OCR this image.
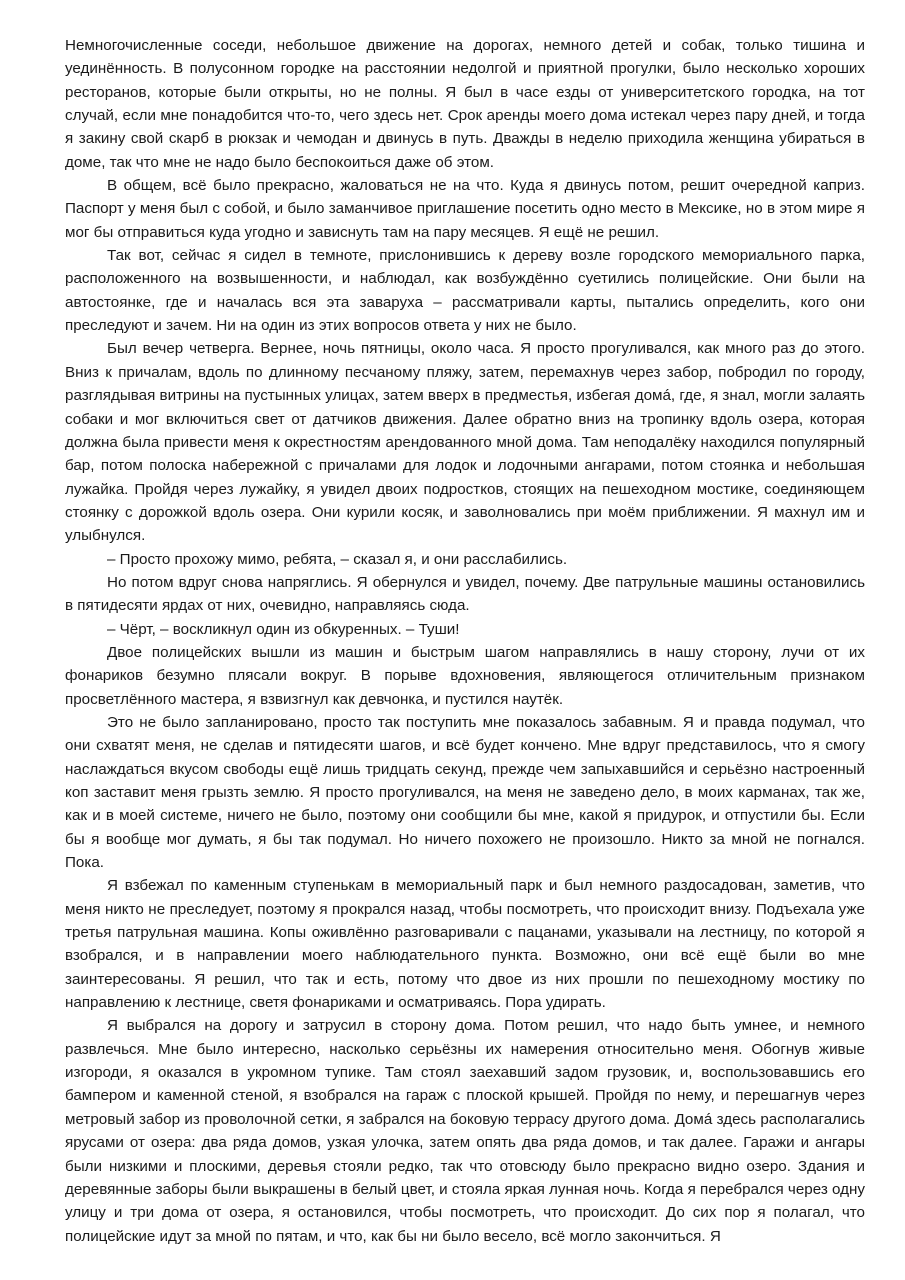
Немногочисленные соседи, небольшое движение на дорогах, немного детей и собак, только тишина и уединённость. В полусонном городке на расстоянии недолгой и приятной прогулки, было несколько хороших ресторанов, которые были открыты, но не полны. Я был в часе езды от университетского городка, на тот случай, если мне понадобится что-то, чего здесь нет. Срок аренды моего дома истекал через пару дней, и тогда я закину свой скарб в рюкзак и чемодан и двинусь в путь. Дважды в неделю приходила женщина убираться в доме, так что мне не надо было беспокоиться даже об этом.

В общем, всё было прекрасно, жаловаться не на что. Куда я двинусь потом, решит очередной каприз. Паспорт у меня был с собой, и было заманчивое приглашение посетить одно место в Мексике, но в этом мире я мог бы отправиться куда угодно и зависнуть там на пару месяцев. Я ещё не решил.

Так вот, сейчас я сидел в темноте, прислонившись к дереву возле городского мемориального парка, расположенного на возвышенности, и наблюдал, как возбуждённо суетились полицейские. Они были на автостоянке, где и началась вся эта заваруха – рассматривали карты, пытались определить, кого они преследуют и зачем. Ни на один из этих вопросов ответа у них не было.

Был вечер четверга. Вернее, ночь пятницы, около часа. Я просто прогуливался, как много раз до этого. Вниз к причалам, вдоль по длинному песчаному пляжу, затем, перемахнув через забор, побродил по городу, разглядывая витрины на пустынных улицах, затем вверх в предместья, избегая домá, где, я знал, могли залаять собаки и мог включиться свет от датчиков движения. Далее обратно вниз на тропинку вдоль озера, которая должна была привести меня к окрестностям арендованного мной дома. Там неподалёку находился популярный бар, потом полоска набережной с причалами для лодок и лодочными ангарами, потом стоянка и небольшая лужайка. Пройдя через лужайку, я увидел двоих подростков, стоящих на пешеходном мостике, соединяющем стоянку с дорожкой вдоль озера. Они курили косяк, и заволновались при моём приближении. Я махнул им и улыбнулся.

– Просто прохожу мимо, ребята, – сказал я, и они расслабились.

Но потом вдруг снова напряглись. Я обернулся и увидел, почему. Две патрульные машины остановились в пятидесяти ярдах от них, очевидно, направляясь сюда.

– Чёрт, – воскликнул один из обкуренных. – Туши!

Двое полицейских вышли из машин и быстрым шагом направлялись в нашу сторону, лучи от их фонариков безумно плясали вокруг. В порыве вдохновения, являющегося отличительным признаком просветлённого мастера, я взвизгнул как девчонка, и пустился наутёк.

Это не было запланировано, просто так поступить мне показалось забавным. Я и правда подумал, что они схватят меня, не сделав и пятидесяти шагов, и всё будет кончено. Мне вдруг представилось, что я смогу наслаждаться вкусом свободы ещё лишь тридцать секунд, прежде чем запыхавшийся и серьёзно настроенный коп заставит меня грызть землю. Я просто прогуливался, на меня не заведено дело, в моих карманах, так же, как и в моей системе, ничего не было, поэтому они сообщили бы мне, какой я придурок, и отпустили бы. Если бы я вообще мог думать, я бы так подумал. Но ничего похожего не произошло. Никто за мной не погнался. Пока.

Я взбежал по каменным ступенькам в мемориальный парк и был немного раздосадован, заметив, что меня никто не преследует, поэтому я прокрался назад, чтобы посмотреть, что происходит внизу. Подъехала уже третья патрульная машина. Копы оживлённо разговаривали с пацанами, указывали на лестницу, по которой я взобрался, и в направлении моего наблюдательного пункта. Возможно, они всё ещё были во мне заинтересованы. Я решил, что так и есть, потому что двое из них прошли по пешеходному мостику по направлению к лестнице, светя фонариками и осматриваясь. Пора удирать.

Я выбрался на дорогу и затрусил в сторону дома. Потом решил, что надо быть умнее, и немного развлечься. Мне было интересно, насколько серьёзны их намерения относительно меня. Обогнув живые изгороди, я оказался в укромном тупике. Там стоял заехавший задом грузовик, и, воспользовавшись его бампером и каменной стеной, я взобрался на гараж с плоской крышей. Пройдя по нему, и перешагнув через метровый забор из проволочной сетки, я забрался на боковую террасу другого дома. Домá здесь располагались ярусами от озера: два ряда домов, узкая улочка, затем опять два ряда домов, и так далее. Гаражи и ангары были низкими и плоскими, деревья стояли редко, так что отовсюду было прекрасно видно озеро. Здания и деревянные заборы были выкрашены в белый цвет, и стояла яркая лунная ночь. Когда я перебрался через одну улицу и три дома от озера, я остановился, чтобы посмотреть, что происходит. До сих пор я полагал, что полицейские идут за мной по пятам, и что, как бы ни было весело, всё могло закончиться. Я
